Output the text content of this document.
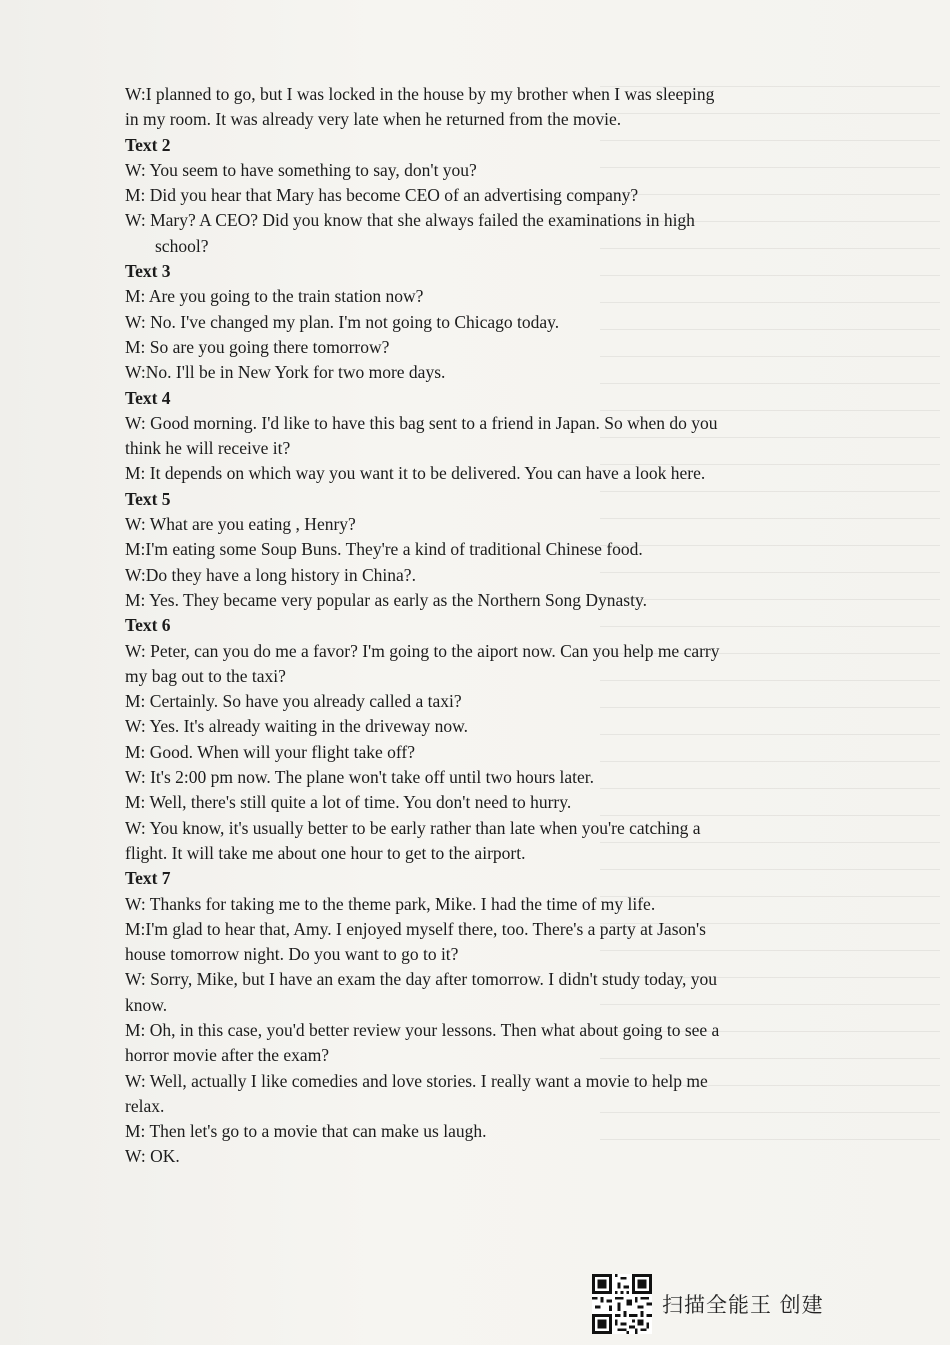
W:I planned to go, but I was locked in the house by my brother when I was sleeping

in my room. It was already very late when he returned from the movie.

Text 2

W: You seem to have something to say, don't you?

M: Did you hear that Mary has become CEO of an advertising company?

W: Mary? A CEO? Did you know that she always failed the examinations in high

school?

Text 3

M: Are you going to the train station now?

W: No. I've changed my plan. I'm not going to Chicago today.

M: So are you going there tomorrow?

W:No. I'll be in New York for two more days.

Text 4

W: Good morning. I'd like to have this bag sent to a friend in Japan. So when do you

think he will receive it?

M: It depends on which way you want it to be delivered. You can have a look here.

Text 5

W: What are you eating , Henry?

M:I'm eating some Soup Buns. They're a kind of traditional Chinese food.

W:Do they have a long history in China?.

M: Yes. They became very popular as early as the Northern Song Dynasty.

Text 6

W: Peter, can you do me a favor? I'm going to the aiport now. Can you help me carry

my bag out to the taxi?

M: Certainly. So have you already called a taxi?

W: Yes. It's already waiting in the driveway now.

M: Good. When will your flight take off?

W: It's 2:00 pm now. The plane won't take off until two hours later.

M: Well, there's still quite a lot of time. You don't need to hurry.

W: You know, it's usually better to be early rather than late when you're catching a

flight. It will take me about one hour to get to the airport.

Text 7

W: Thanks for taking me to the theme park, Mike. I had the time of my life.

M:I'm glad to hear that, Amy. I enjoyed myself there, too. There's a party at Jason's

house tomorrow night. Do you want to go to it?

W: Sorry, Mike, but I have an exam the day after tomorrow. I didn't study today, you

know.

M: Oh, in this case, you'd better review your lessons. Then what about going to see a

horror movie after the exam?

W: Well, actually I like comedies and love stories. I really want a movie to help me

relax.

M: Then let's go to a movie that can make us laugh.

W: OK.

扫描全能王 创建
